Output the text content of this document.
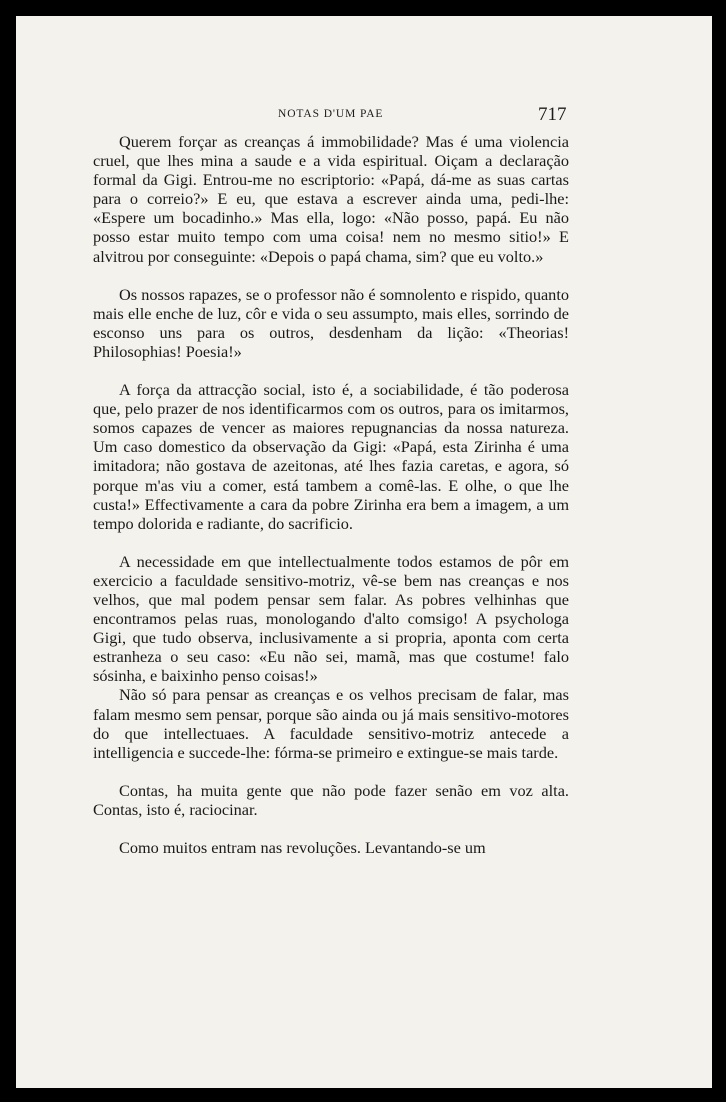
NOTAS D'UM PAE	717

Querem forçar as creanças á immobilidade? Mas é uma violencia cruel, que lhes mina a saude e a vida espiritual. Oiçam a declaração formal da Gigi. Entrou-me no escriptorio: «Papá, dá-me as suas cartas para o correio?» E eu, que estava a escrever ainda uma, pedi-lhe: «Espere um bocadinho.» Mas ella, logo: «Não posso, papá. Eu não posso estar muito tempo com uma coisa! nem no mesmo sitio!» E alvitrou por conseguinte: «Depois o papá chama, sim? que eu volto.»

Os nossos rapazes, se o professor não é somnolento e rispido, quanto mais elle enche de luz, côr e vida o seu assumpto, mais elles, sorrindo de esconso uns para os outros, desdenham da lição: «Theorias! Philosophias! Poesia!»

A força da attracção social, isto é, a sociabilidade, é tão poderosa que, pelo prazer de nos identificarmos com os outros, para os imitarmos, somos capazes de vencer as maiores repugnancias da nossa natureza. Um caso domestico da observação da Gigi: «Papá, esta Zirinha é uma imitadora; não gostava de azeitonas, até lhes fazia caretas, e agora, só porque m'as viu a comer, está tambem a comê-las. E olhe, o que lhe custa!» Effectivamente a cara da pobre Zirinha era bem a imagem, a um tempo dolorida e radiante, do sacrificio.

A necessidade em que intellectualmente todos estamos de pôr em exercicio a faculdade sensitivo-motriz, vê-se bem nas creanças e nos velhos, que mal podem pensar sem falar. As pobres velhinhas que encontramos pelas ruas, monologando d'alto comsigo! A psychologa Gigi, que tudo observa, inclusivamente a si propria, aponta com certa estranheza o seu caso: «Eu não sei, mamã, mas que costume! falo sósinha, e baixinho penso coisas!»

Não só para pensar as creanças e os velhos precisam de falar, mas falam mesmo sem pensar, porque são ainda ou já mais sensitivo-motores do que intellectuaes. A faculdade sensitivo-motriz antecede a intelligencia e succede-lhe: fórma-se primeiro e extingue-se mais tarde.

Contas, ha muita gente que não pode fazer senão em voz alta. Contas, isto é, raciocinar.

Como muitos entram nas revoluções. Levantando-se um
